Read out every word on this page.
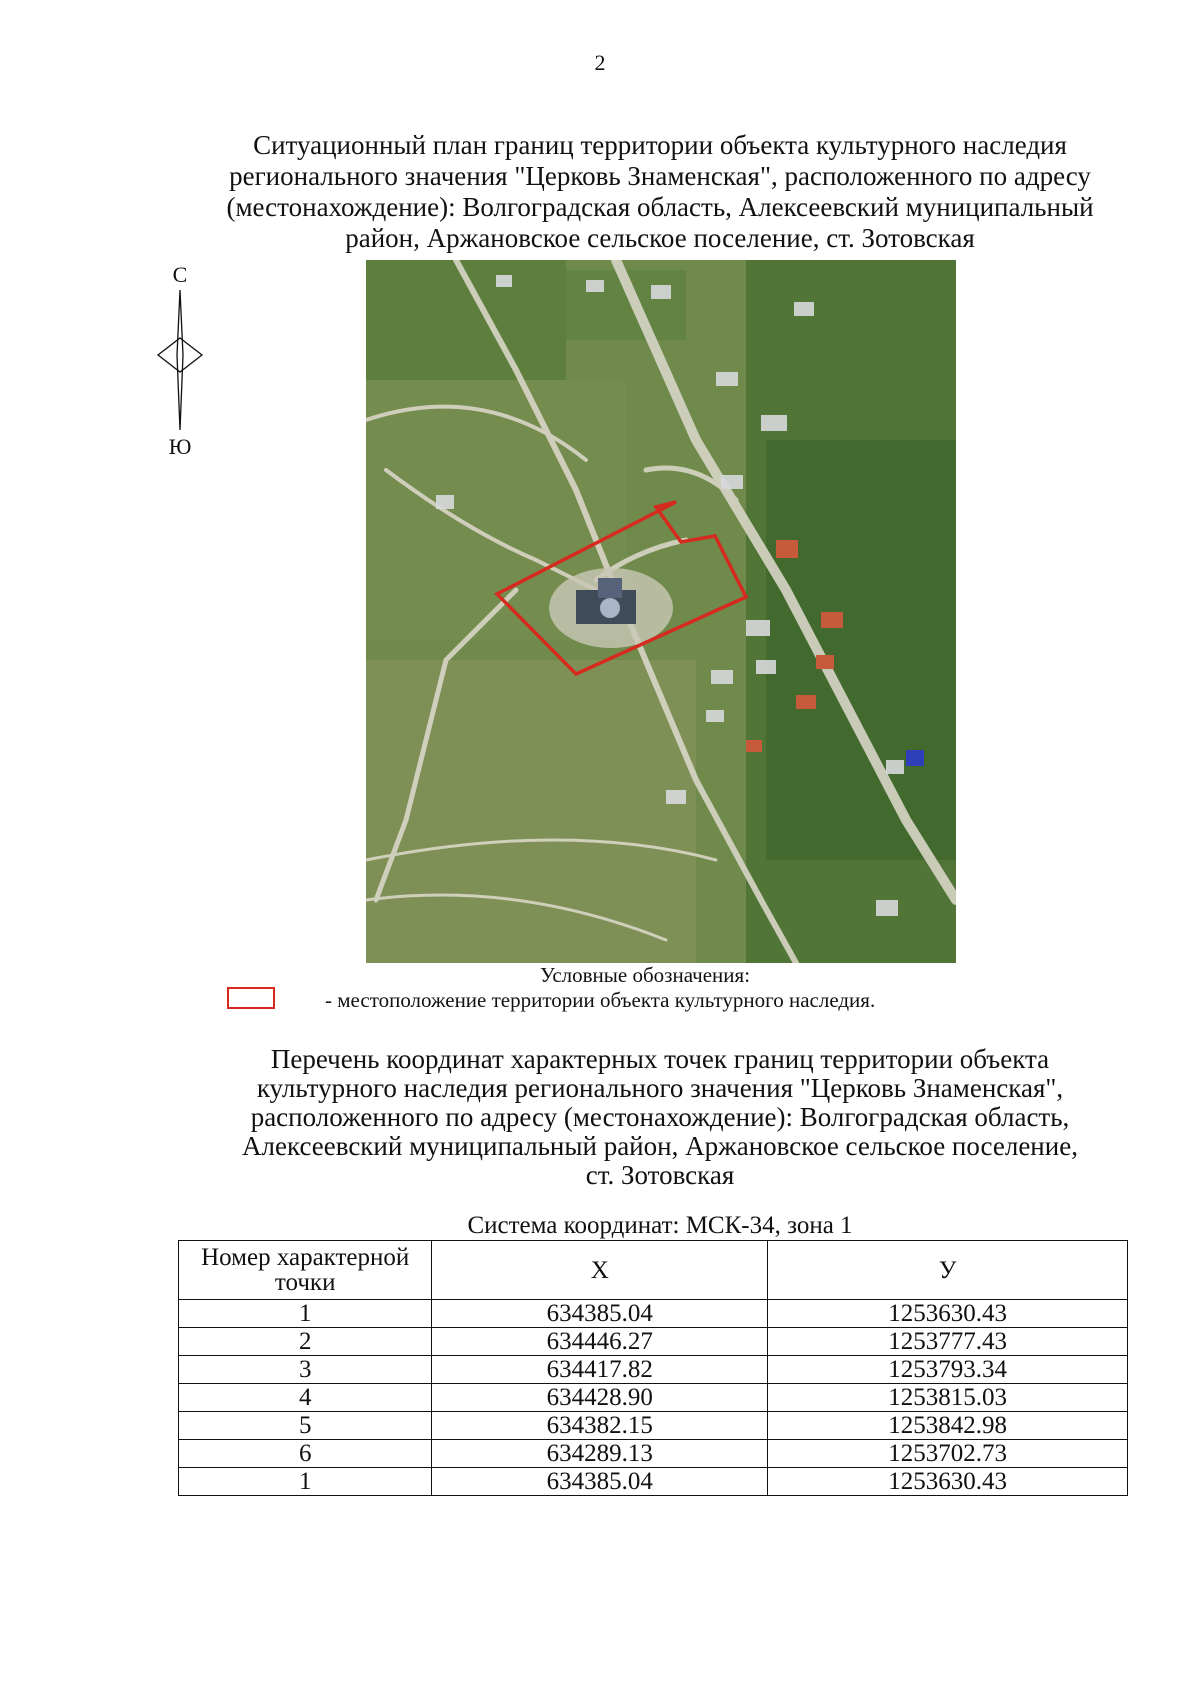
2
Ситуационный план границ территории объекта культурного наследия
регионального значения "Церковь Знаменская", расположенного по адресу
(местонахождение): Волгоградская область, Алексеевский муниципальный
район, Аржановское сельское поселение, ст. Зотовская
С
Ю
Условные обозначения:
- местоположение территории объекта культурного наследия.
Перечень координат характерных точек границ территории объекта
культурного наследия регионального значения "Церковь Знаменская",
расположенного по адресу (местонахождение): Волгоградская область,
Алексеевский муниципальный район, Аржановское сельское поселение,
ст. Зотовская
Система координат: МСК-34, зона 1
Номер характерной точки	X	У
1	634385.04	1253630.43
2	634446.27	1253777.43
3	634417.82	1253793.34
4	634428.90	1253815.03
5	634382.15	1253842.98
6	634289.13	1253702.73
1	634385.04	1253630.43
